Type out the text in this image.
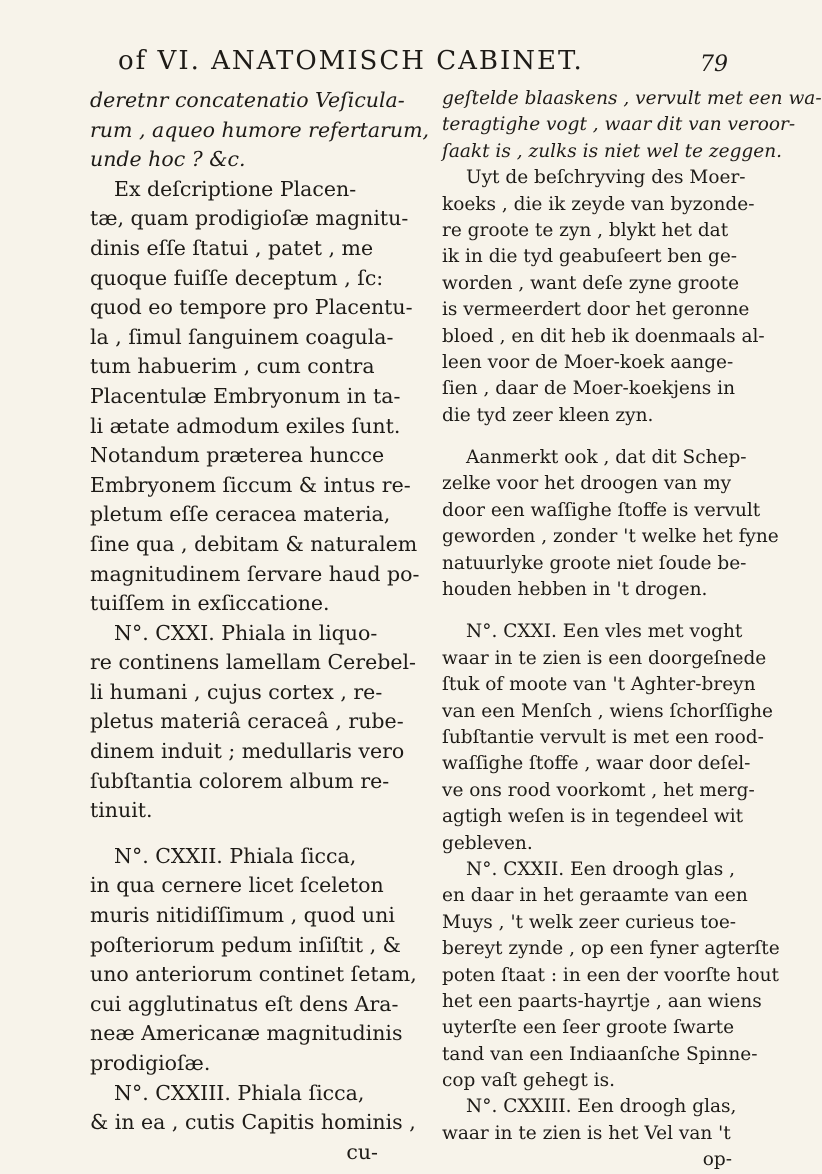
of VI. ANATOMISCH CABINET.	79
deretnr concatenatio Veſicula-
rum , aqueo humore refertarum,
unde hoc ? &c.
Ex deſcriptione Placen-
tæ, quam prodigioſæ magnitu-
dinis eſſe ſtatui , patet , me
quoque fuiſſe deceptum , ſc:
quod eo tempore pro Placentu-
la , ſimul ſanguinem coagula-
tum habuerim , cum contra
Placentulæ Embryonum in ta-
li ætate admodum exiles ſunt.
Notandum præterea huncce
Embryonem ſiccum & intus re-
pletum eſſe ceracea materia,
ſine qua , debitam & naturalem
magnitudinem ſervare haud po-
tuiſſem in exſiccatione.
N°. CXXI. Phiala in liquo-
re continens lamellam Cerebel-
li humani , cujus cortex , re-
pletus materiâ ceraceâ , rube-
dinem induit ; medullaris vero
ſubſtantia colorem album re-
tinuit.
N°. CXXII. Phiala ſicca,
in qua cernere licet ſceleton
muris nitidiſſimum , quod uni
poſteriorum pedum inſiſtit , &
uno anteriorum continet ſetam,
cui agglutinatus eſt dens Ara-
neæ Americanæ magnitudinis
prodigioſæ.
N°. CXXIII. Phiala ſicca,
& in ea , cutis Capitis hominis ,
cu-
geſtelde blaaskens , vervult met een wa-
teragtighe vogt , waar dit van veroor-
ſaakt is , zulks is niet wel te zeggen.
Uyt de beſchryving des Moer-
koeks , die ik zeyde van byzonde-
re groote te zyn , blykt het dat
ik in die tyd geabuſeert ben ge-
worden , want deſe zyne groote
is vermeerdert door het geronne
bloed , en dit heb ik doenmaals al-
leen voor de Moer-koek aange-
ſien , daar de Moer-koekjens in
die tyd zeer kleen zyn.
Aanmerkt ook , dat dit Schep-
zelke voor het droogen van my
door een waſſighe ſtoffe is vervult
geworden , zonder 't welke het fyne
natuurlyke groote niet ſoude be-
houden hebben in 't drogen.
N°. CXXI. Een vles met voght
waar in te zien is een doorgeſnede
ſtuk of moote van 't Aghter-breyn
van een Menſch , wiens ſchorſſighe
ſubſtantie vervult is met een rood-
waſſighe ſtoffe , waar door deſel-
ve ons rood voorkomt , het merg-
agtigh weſen is in tegendeel wit
gebleven.
N°. CXXII. Een droogh glas ,
en daar in het geraamte van een
Muys , 't welk zeer curieus toe-
bereyt zynde , op een fyner agterſte
poten ſtaat : in een der voorſte hout
het een paarts-hayrtje , aan wiens
uyterſte een ſeer groote ſwarte
tand van een Indiaanſche Spinne-
cop vaſt gehegt is.
N°. CXXIII. Een droogh glas,
waar in te zien is het Vel van 't
op-
